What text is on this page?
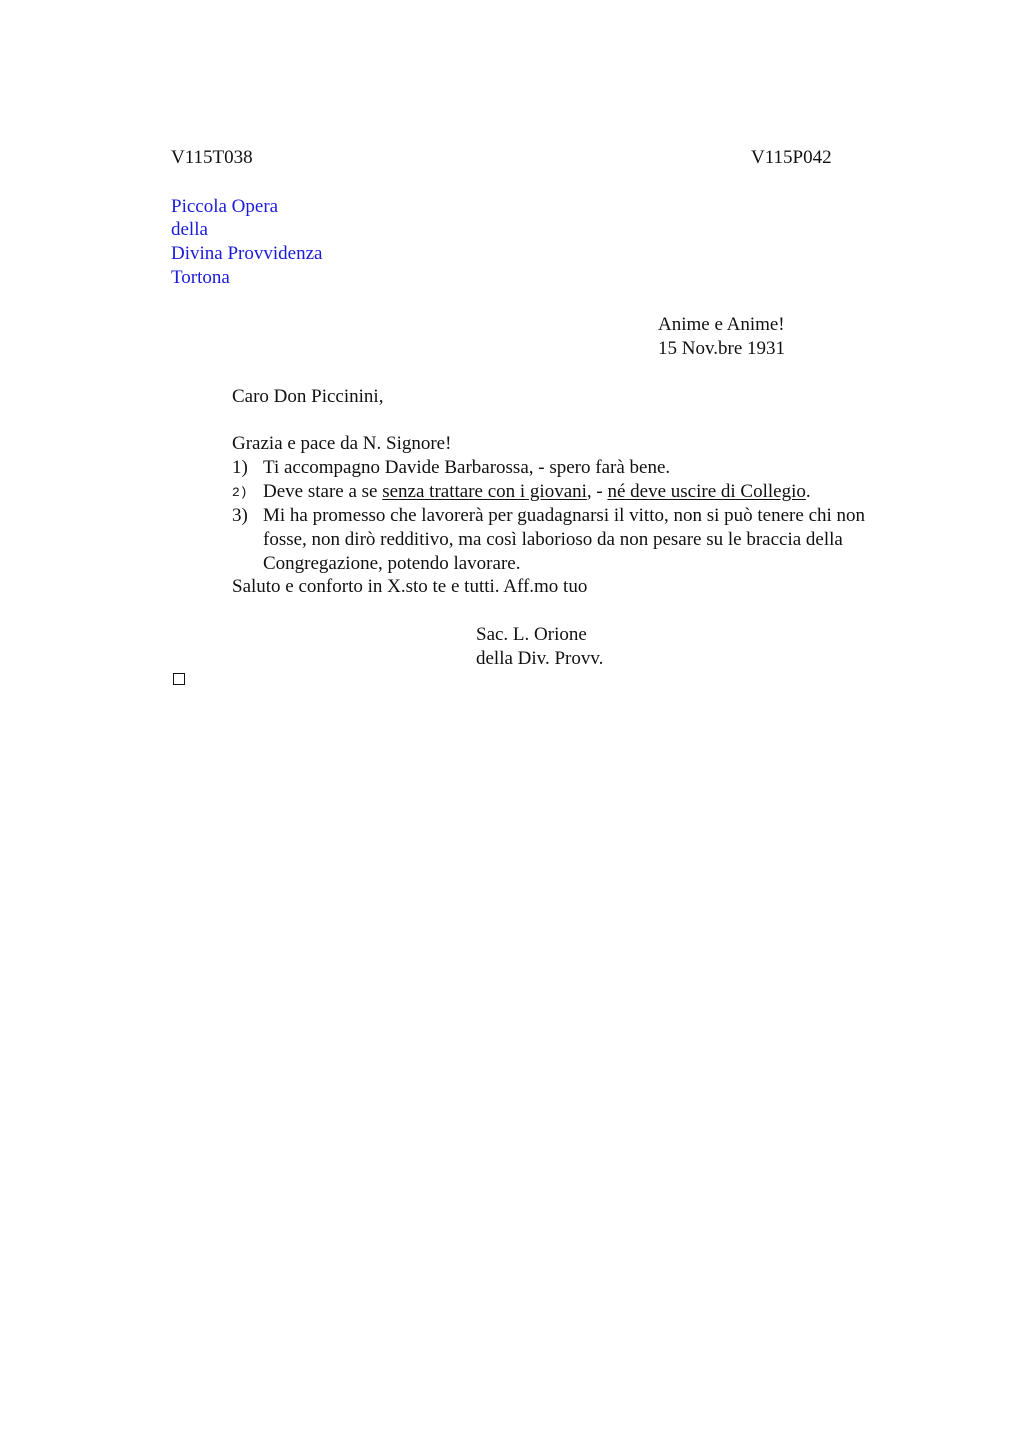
V115T038	V115P042
Piccola Opera
della
Divina Provvidenza
Tortona
Anime e Anime!
15 Nov.bre 1931
Caro Don Piccinini,
Grazia e pace da N. Signore!
1) Ti accompagno Davide Barbarossa, - spero farà bene.
2) Deve stare a se senza trattare con i giovani, - né deve uscire di Collegio.
3) Mi ha promesso che lavorerà per guadagnarsi il vitto, non si può tenere chi non
fosse, non dirò redditivo, ma così laborioso da non pesare su le braccia della
Congregazione, potendo lavorare.
Saluto e conforto in X.sto te e tutti. Aff.mo tuo
Sac. L. Orione
della Div. Provv.
